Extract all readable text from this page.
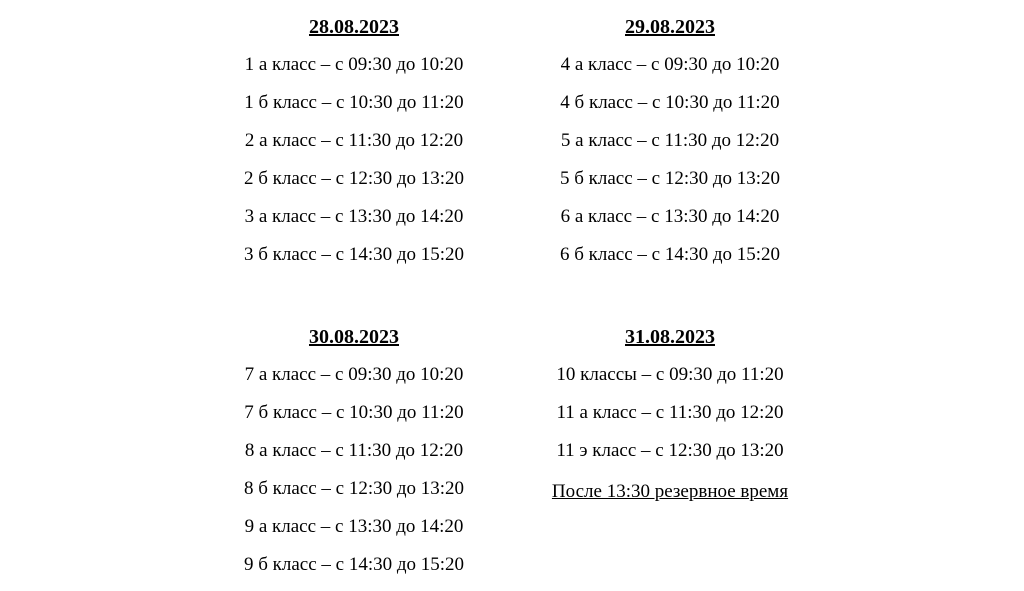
28.08.2023
1 а класс – с 09:30 до 10:20
1 б класс – с 10:30 до 11:20
2 а класс – с 11:30 до 12:20
2 б класс – с 12:30 до 13:20
3 а класс – с 13:30 до 14:20
3 б класс – с 14:30 до 15:20
29.08.2023
4 а класс – с 09:30 до 10:20
4 б класс – с 10:30 до 11:20
5 а класс – с 11:30 до 12:20
5 б класс – с 12:30 до 13:20
6 а класс – с 13:30 до 14:20
6 б класс – с 14:30 до 15:20
30.08.2023
7 а класс – с 09:30 до 10:20
7 б класс – с 10:30 до 11:20
8 а класс – с 11:30 до 12:20
8 б класс – с 12:30 до 13:20
9 а класс – с 13:30 до 14:20
9 б класс – с 14:30 до 15:20
31.08.2023
10 классы – с 09:30 до 11:20
11 а класс – с 11:30 до 12:20
11 э класс – с 12:30 до 13:20
После 13:30 резервное время
